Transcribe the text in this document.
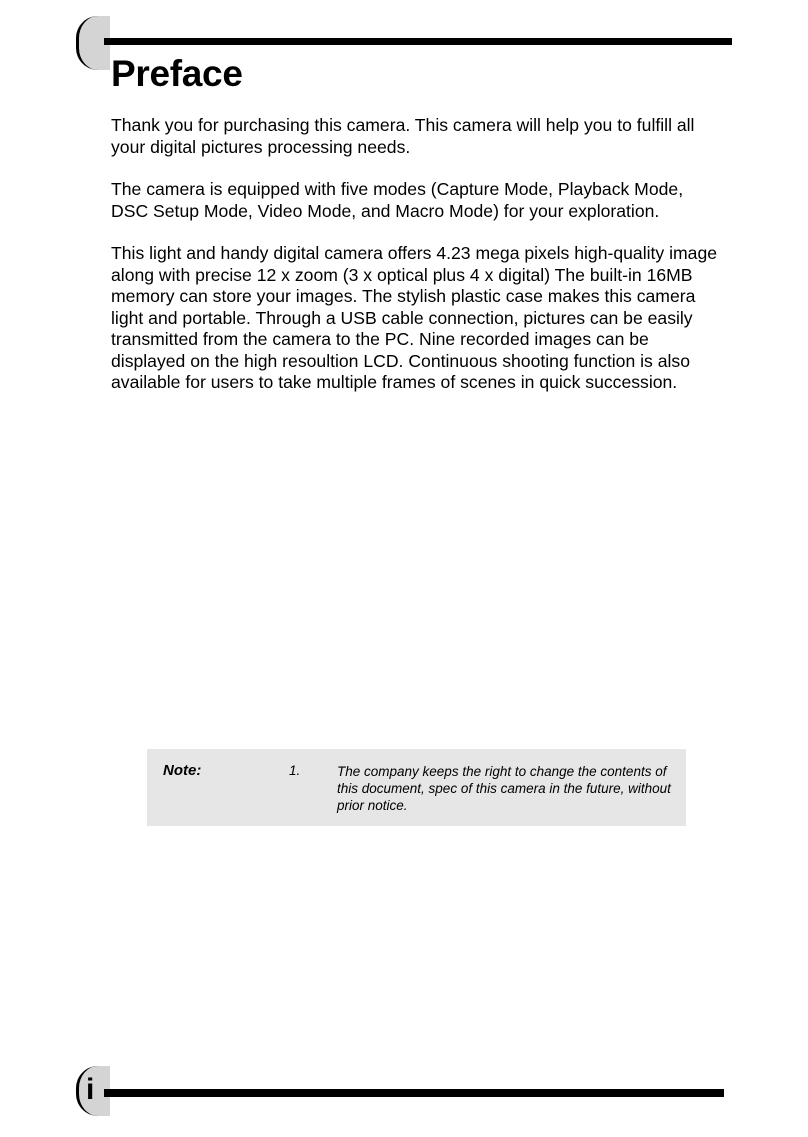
Preface

Thank you for purchasing this camera. This camera will help you to fulfill all your digital pictures processing needs.

The camera is equipped with five modes (Capture Mode, Playback Mode, DSC Setup Mode, Video Mode, and Macro Mode) for your exploration.

This light and handy digital camera offers 4.23 mega pixels high-quality image along with precise 12 x zoom (3 x optical plus 4 x digital) The built-in 16MB memory can store your images. The stylish plastic case makes this camera light and portable. Through a USB cable connection, pictures can be easily transmitted from the camera to the PC. Nine recorded images can be displayed on the high resoultion LCD. Continuous shooting function is also available for users to take multiple frames of scenes in quick succession.

Note:	1.	The company keeps the right to change the contents of this document, spec of this camera in the future, without prior notice.
i
